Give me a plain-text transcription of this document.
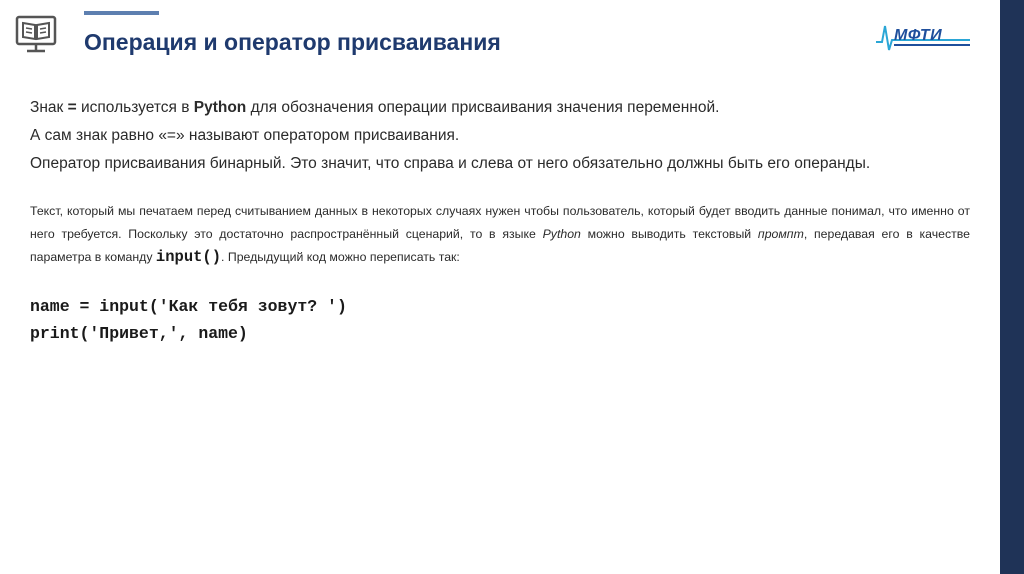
Операция и оператор присваивания	МФТИ

Знак = используется в Python для обозначения операции присваивания значения переменной.
А сам знак равно «=» называют оператором присваивания.
Оператор присваивания бинарный. Это значит, что справа и слева от него обязательно должны быть его операнды.

Текст, который мы печатаем перед считыванием данных в некоторых случаях нужен чтобы пользователь, который будет вводить данные понимал, что именно от него требуется. Поскольку это достаточно распространённый сценарий, то в языке Python можно выводить текстовый промпт, передавая его в качестве параметра в команду input(). Предыдущий код можно переписать так:
name = input('Как тебя зовут? ')
print('Привет,', name)
